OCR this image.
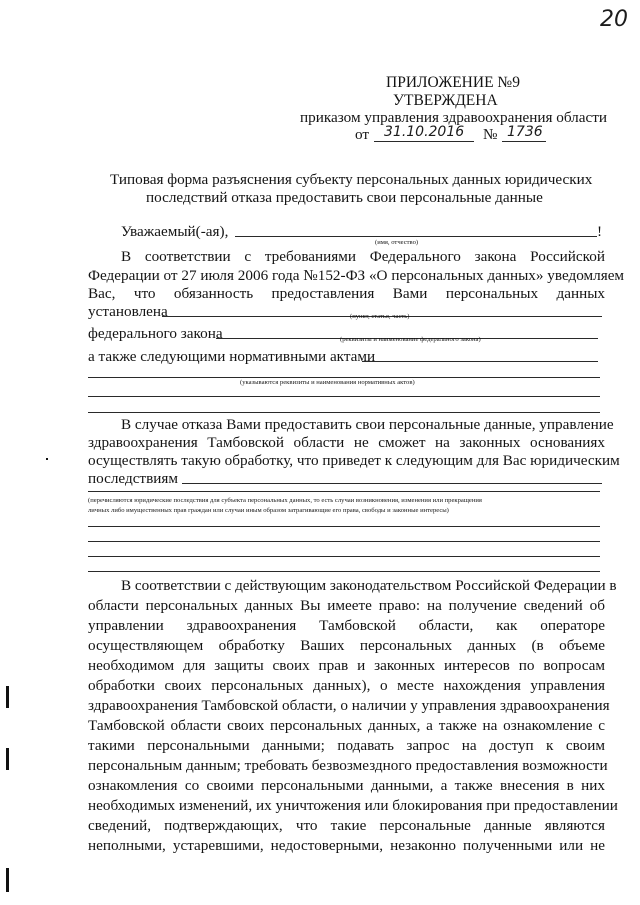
20
ПРИЛОЖЕНИЕ №9
УТВЕРЖДЕНА
приказом управления здравоохранения области
от 31.10.2016 № 1736
Типовая форма разъяснения субъекту персональных данных юридических
последствий отказа предоставить свои персональные данные
Уважаемый(-ая),	!
(имя, отчество)
В соответствии с требованиями Федерального закона Российской
Федерации от 27 июля 2006 года №152-ФЗ «О персональных данных» уведомляем
Вас, что обязанность предоставления Вами персональных данных
установлена	(пункт, статья, часть)
федерального закона	(реквизиты и наименование федерального закона)
а также следующими нормативными актами
(указываются реквизиты и наименования нормативных актов)
В случае отказа Вами предоставить свои персональные данные, управление
здравоохранения Тамбовской области не сможет на законных основаниях
осуществлять такую обработку, что приведет к следующим для Вас юридическим
последствиям
(перечисляются юридические последствия для субъекта персональных данных, то есть случаи возникновения, изменения или прекращения
личных либо имущественных прав граждан или случаи иным образом затрагивающие его права, свободы и законные интересы)
В соответствии с действующим законодательством Российской Федерации в
области персональных данных Вы имеете право: на получение сведений об
управлении здравоохранения Тамбовской области, как операторе
осуществляющем обработку Ваших персональных данных (в объеме
необходимом для защиты своих прав и законных интересов по вопросам
обработки своих персональных данных), о месте нахождения управления
здравоохранения Тамбовской области, о наличии у управления здравоохранения
Тамбовской области своих персональных данных, а также на ознакомление с
такими персональными данными; подавать запрос на доступ к своим
персональным данным; требовать безвозмездного предоставления возможности
ознакомления со своими персональными данными, а также внесения в них
необходимых изменений, их уничтожения или блокирования при предоставлении
сведений, подтверждающих, что такие персональные данные являются
неполными, устаревшими, недостоверными, незаконно полученными или не
